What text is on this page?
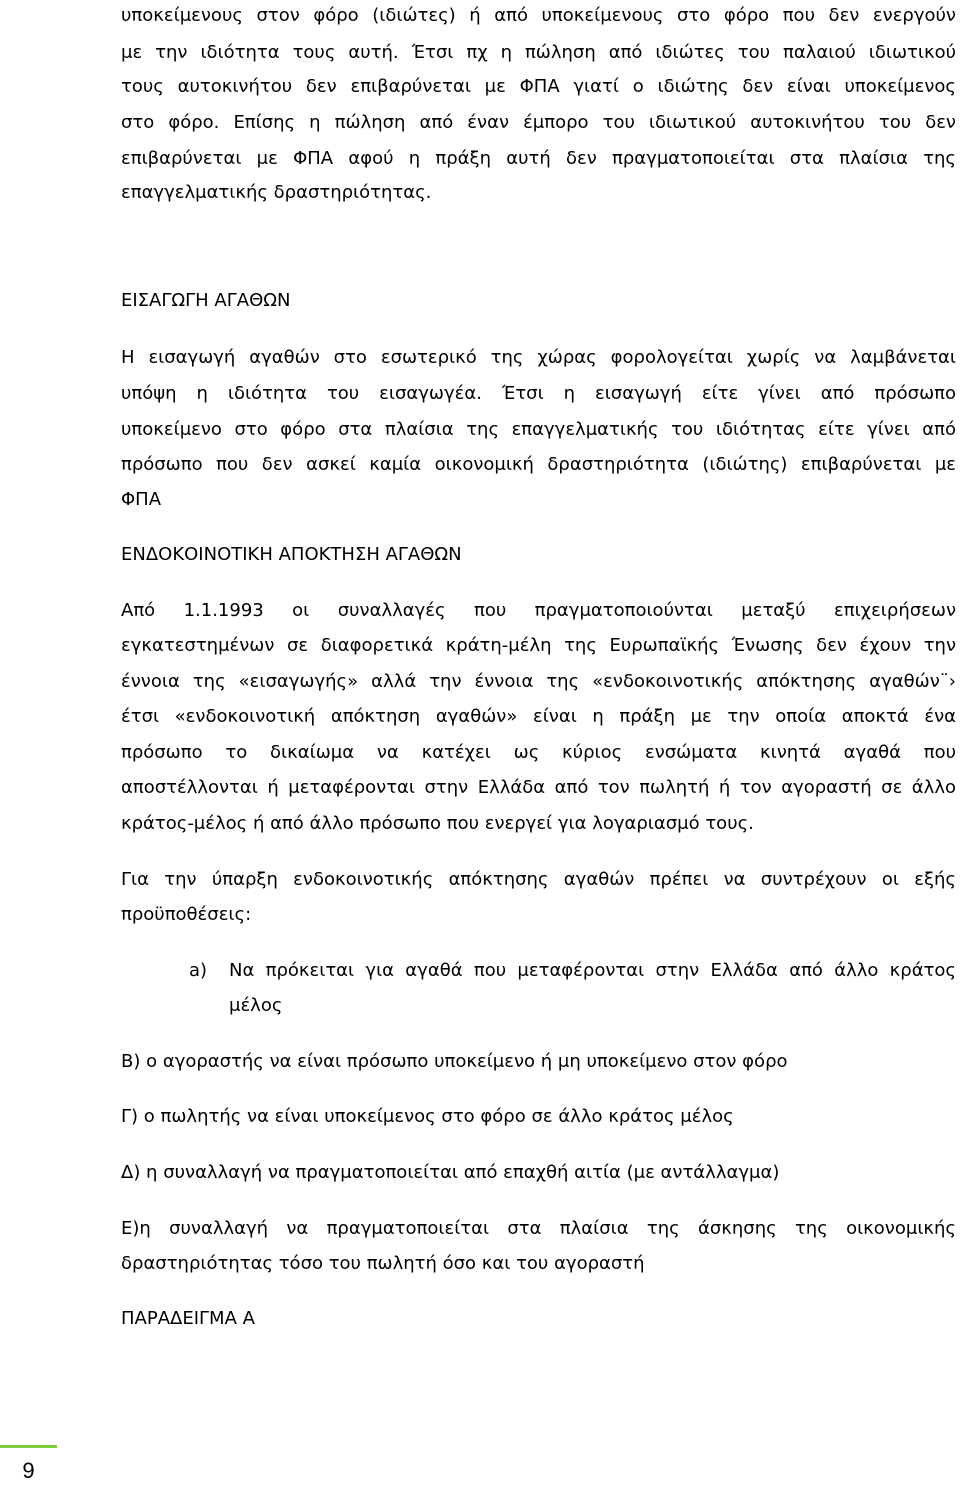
υποκείμενους στον φόρο (ιδιώτες) ή από υποκείμενους στο φόρο που δεν ενεργούν
με την ιδιότητα τους αυτή. Έτσι πχ η πώληση από ιδιώτες του παλαιού ιδιωτικού
τους αυτοκινήτου δεν επιβαρύνεται με ΦΠΑ γιατί ο ιδιώτης δεν είναι υποκείμενος
στο φόρο. Επίσης η πώληση από έναν έμπορο του ιδιωτικού αυτοκινήτου του δεν
επιβαρύνεται με ΦΠΑ αφού η πράξη αυτή δεν πραγματοποιείται στα πλαίσια της
επαγγελματικής δραστηριότητας.
ΕΙΣΑΓΩΓΗ ΑΓΑΘΩΝ
Η εισαγωγή αγαθών στο εσωτερικό της χώρας φορολογείται χωρίς να λαμβάνεται
υπόψη η ιδιότητα του εισαγωγέα. Έτσι η εισαγωγή είτε γίνει από πρόσωπο
υποκείμενο στο φόρο στα πλαίσια της επαγγελματικής του ιδιότητας είτε γίνει από
πρόσωπο που δεν ασκεί καμία οικονομική δραστηριότητα (ιδιώτης) επιβαρύνεται με
ΦΠΑ
ΕΝΔΟΚΟΙΝΟΤΙΚΗ ΑΠΟΚΤΗΣΗ ΑΓΑΘΩΝ
Από 1.1.1993 οι συναλλαγές που πραγματοποιούνται μεταξύ επιχειρήσεων
εγκατεστημένων σε διαφορετικά κράτη-μέλη της Ευρωπαϊκής Ένωσης δεν έχουν την
έννοια της «εισαγωγής» αλλά την έννοια της «ενδοκοινοτικής απόκτησης αγαθών¨›
έτσι «ενδοκοινοτική απόκτηση αγαθών» είναι η πράξη με την οποία αποκτά ένα
πρόσωπο το δικαίωμα να κατέχει ως κύριος ενσώματα κινητά αγαθά που
αποστέλλονται ή μεταφέρονται στην Ελλάδα από τον πωλητή ή τον αγοραστή σε άλλο
κράτος-μέλος ή από άλλο πρόσωπο που ενεργεί για λογαριασμό τους.
Για την ύπαρξη ενδοκοινοτικής απόκτησης αγαθών πρέπει να συντρέχουν οι εξής
προϋποθέσεις:
a) Να πρόκειται για αγαθά που μεταφέρονται στην Ελλάδα από άλλο κράτος
μέλος
Β) ο αγοραστής να είναι πρόσωπο υποκείμενο ή μη υποκείμενο στον φόρο
Γ) ο πωλητής να είναι υποκείμενος στο φόρο σε άλλο κράτος μέλος
Δ) η συναλλαγή να πραγματοποιείται από επαχθή αιτία (με αντάλλαγμα)
Ε)η συναλλαγή να πραγματοποιείται στα πλαίσια της άσκησης της οικονομικής
δραστηριότητας τόσο του πωλητή όσο και του αγοραστή
ΠΑΡΑΔΕΙΓΜΑ Α
9
